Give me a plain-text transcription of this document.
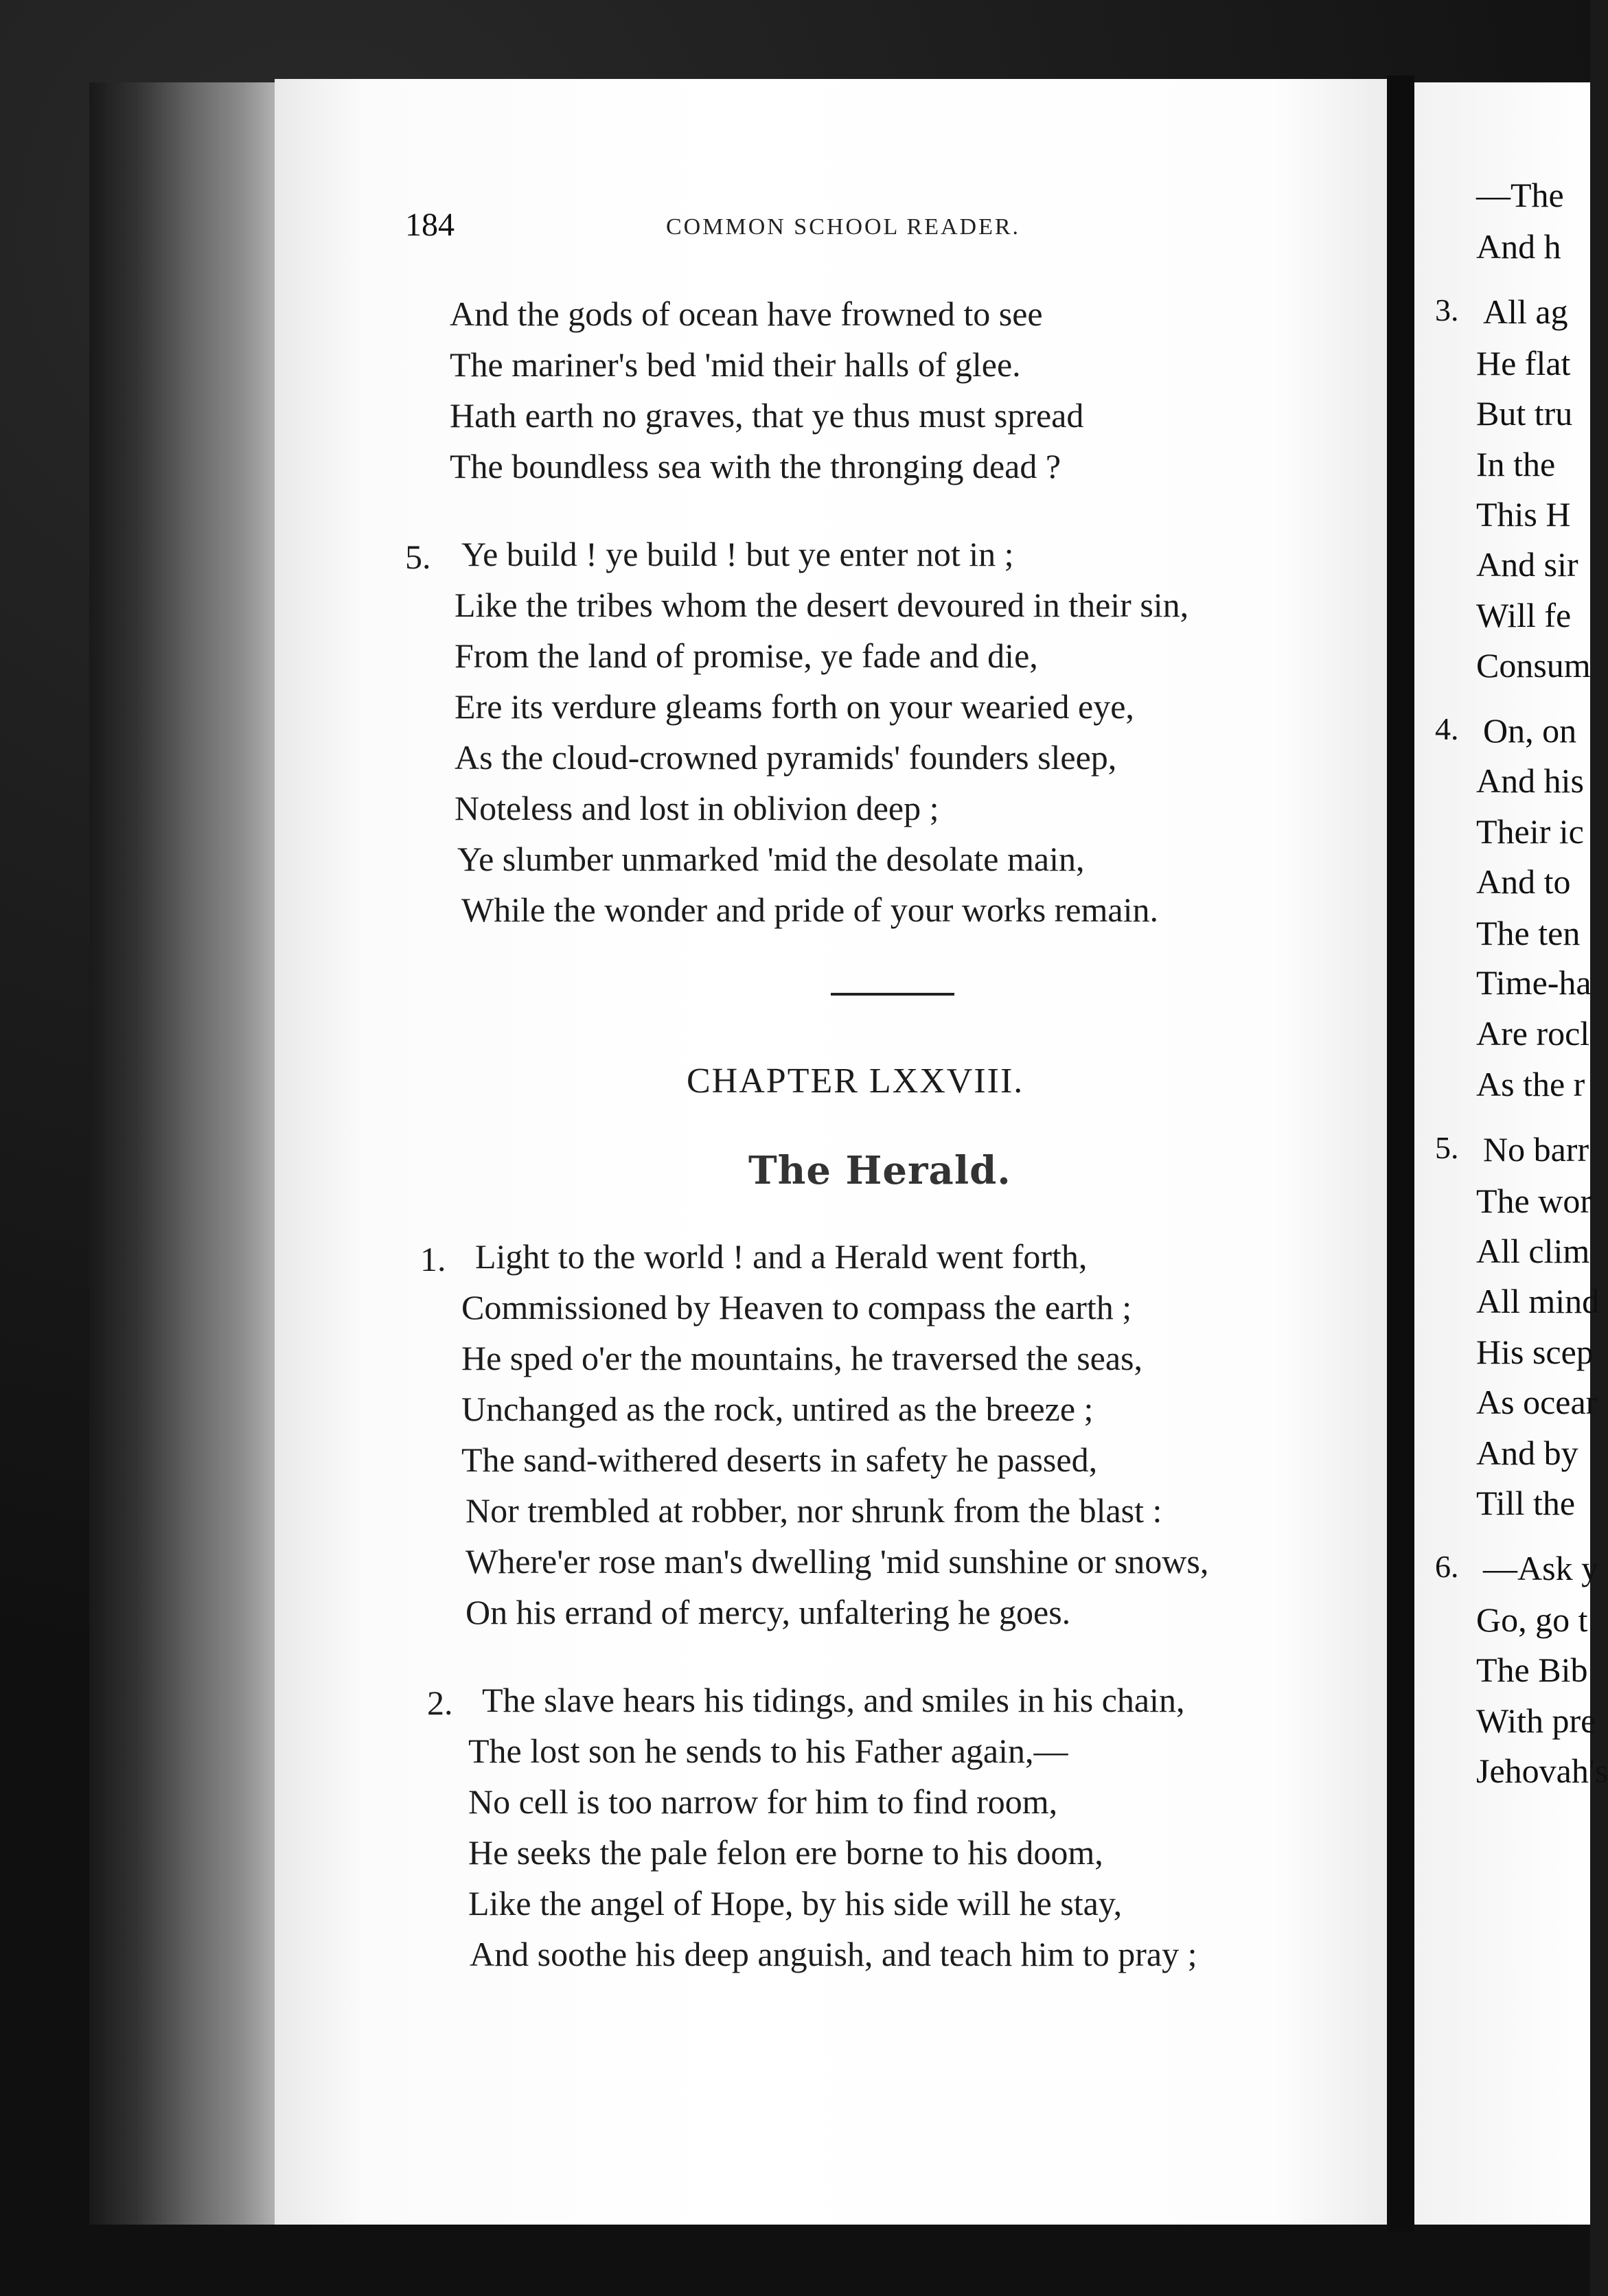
—The
And h
3. All ag
He flat
But tru
In the
This H
And sir
Will fe
Consum
4. On, on
And his
Their ic
And to
The ten
Time-ha
Are rocl
As the r
5. No barr
The wor
All clim
All mind
His scep
As ocear
And by
Till the
6. —Ask y
Go, go t
The Bib
With pre
Jehovah's
184	COMMON SCHOOL READER.
And the gods of ocean have frowned to see
The mariner's bed 'mid their halls of glee.
Hath earth no graves, that ye thus must spread
The boundless sea with the thronging dead ?
5. Ye build ! ye build ! but ye enter not in ;
Like the tribes whom the desert devoured in their sin,
From the land of promise, ye fade and die,
Ere its verdure gleams forth on your wearied eye,
As the cloud-crowned pyramids' founders sleep,
Noteless and lost in oblivion deep ;
Ye slumber unmarked 'mid the desolate main,
While the wonder and pride of your works remain.
CHAPTER LXXVIII.
The Herald.
1. Light to the world ! and a Herald went forth,
Commissioned by Heaven to compass the earth ;
He sped o'er the mountains, he traversed the seas,
Unchanged as the rock, untired as the breeze ;
The sand-withered deserts in safety he passed,
Nor trembled at robber, nor shrunk from the blast :
Where'er rose man's dwelling 'mid sunshine or snows,
On his errand of mercy, unfaltering he goes.
2. The slave hears his tidings, and smiles in his chain,
The lost son he sends to his Father again,—
No cell is too narrow for him to find room,
He seeks the pale felon ere borne to his doom,
Like the angel of Hope, by his side will he stay,
And soothe his deep anguish, and teach him to pray ;
